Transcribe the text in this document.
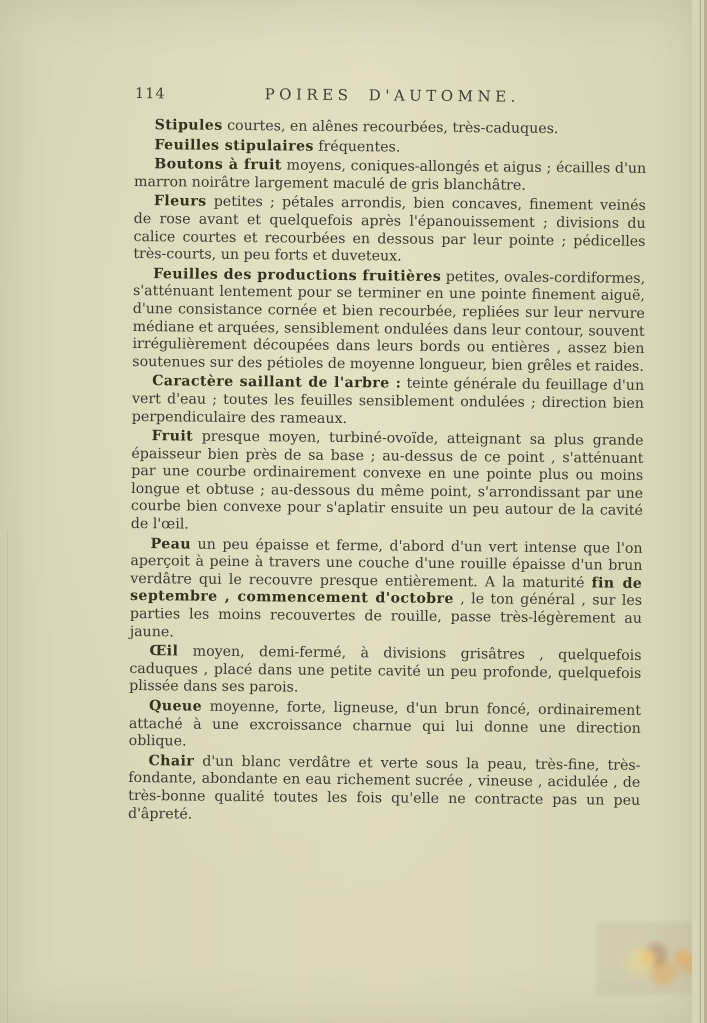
114	POIRES D'AUTOMNE.

Stipules courtes, en alênes recourbées, très-caduques.

Feuilles stipulaires fréquentes.

Boutons à fruit moyens, coniques-allongés et aigus ; écailles d'un marron noirâtre largement maculé de gris blanchâtre.

Fleurs petites ; pétales arrondis, bien concaves, finement veinés de rose avant et quelquefois après l'épanouissement ; divisions du calice courtes et recourbées en dessous par leur pointe ; pédicelles très-courts, un peu forts et duveteux.

Feuilles des productions fruitières petites, ovales-cordiformes, s'atténuant lentement pour se terminer en une pointe finement aiguë, d'une consistance cornée et bien recourbée, repliées sur leur nervure médiane et arquées, sensiblement ondulées dans leur contour, souvent irrégulièrement découpées dans leurs bords ou entières , assez bien soutenues sur des pétioles de moyenne longueur, bien grêles et raides.

Caractère saillant de l'arbre : teinte générale du feuillage d'un vert d'eau ; toutes les feuilles sensiblement ondulées ; direction bien perpendiculaire des rameaux.

Fruit presque moyen, turbiné-ovoïde, atteignant sa plus grande épaisseur bien près de sa base ; au-dessus de ce point , s'atténuant par une courbe ordinairement convexe en une pointe plus ou moins longue et obtuse ; au-dessous du même point, s'arrondissant par une courbe bien convexe pour s'aplatir ensuite un peu autour de la cavité de l'œil.

Peau un peu épaisse et ferme, d'abord d'un vert intense que l'on aperçoit à peine à travers une couche d'une rouille épaisse d'un brun verdâtre qui le recouvre presque entièrement. A la maturité fin de septembre , commencement d'octobre , le ton général , sur les parties les moins recouvertes de rouille, passe très-légèrement au jaune.

Œil moyen, demi-fermé, à divisions grisâtres , quelquefois caduques , placé dans une petite cavité un peu profonde, quelquefois plissée dans ses parois.

Queue moyenne, forte, ligneuse, d'un brun foncé, ordinairement attaché à une excroissance charnue qui lui donne une direction oblique.

Chair d'un blanc verdâtre et verte sous la peau, très-fine, très-fondante, abondante en eau richement sucrée , vineuse , acidulée , de très-bonne qualité toutes les fois qu'elle ne contracte pas un peu d'âpreté.
